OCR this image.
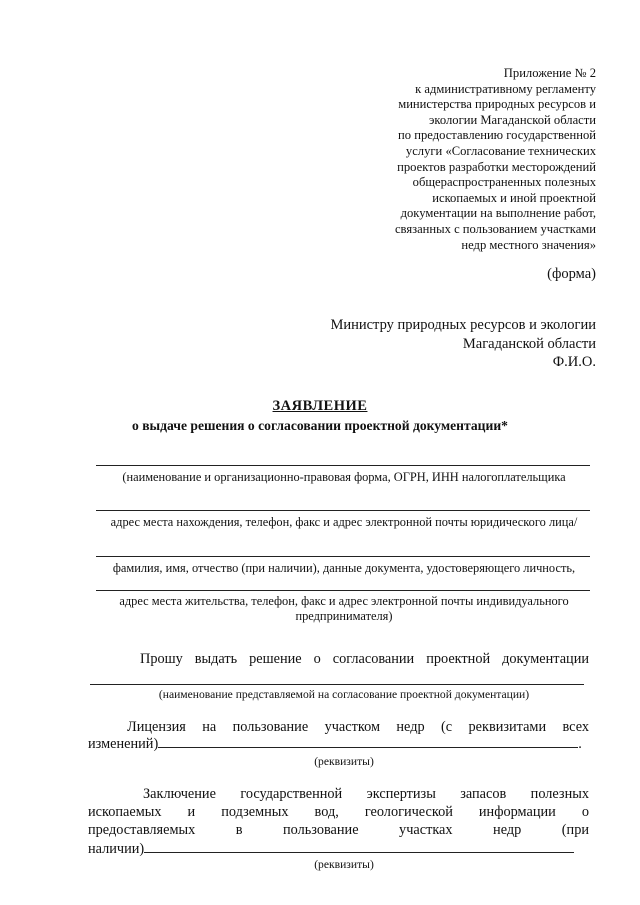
Приложение № 2
к административному регламенту
министерства природных ресурсов и
экологии Магаданской области
по предоставлению государственной
услуги «Согласование технических
проектов разработки месторождений
общераспространенных полезных
ископаемых и иной проектной
документации на выполнение работ,
связанных с пользованием участками
недр местного значения»
(форма)
Министру природных ресурсов и экологии
Магаданской области
Ф.И.О.
ЗАЯВЛЕНИЕ
о выдаче решения о согласовании проектной документации*
(наименование и организационно-правовая форма, ОГРН, ИНН налогоплательщика
адрес места нахождения, телефон, факс и адрес электронной почты юридического лица/
фамилия, имя, отчество (при наличии), данные документа, удостоверяющего личность,
адрес места жительства, телефон, факс и адрес электронной почты индивидуального
предпринимателя)
Прошу выдать решение о согласовании проектной документации
(наименование представляемой на согласование проектной документации)
Лицензия на пользование участком недр (с реквизитами всех
изменений)	.
(реквизиты)
Заключение государственной экспертизы запасов полезных
ископаемых и подземных вод, геологической информации о
предоставляемых в пользование участках недр (при
наличии)
(реквизиты)
